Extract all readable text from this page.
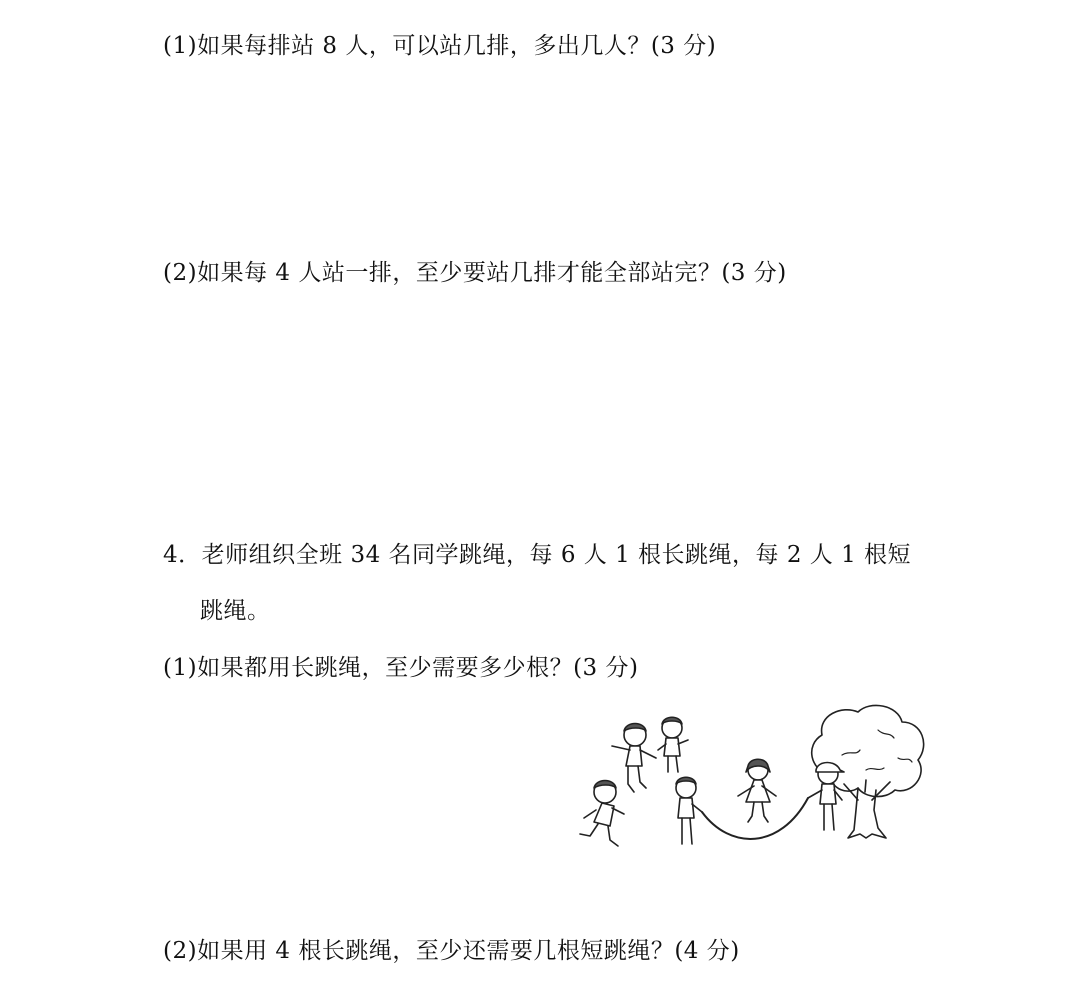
(1)如果每排站 8 人，可以站几排，多出几人？(3 分)
(2)如果每 4 人站一排，至少要站几排才能全部站完？(3 分)
4．老师组织全班 34 名同学跳绳，每 6 人 1 根长跳绳，每 2 人 1 根短
跳绳。
(1)如果都用长跳绳，至少需要多少根？(3 分)
(2)如果用 4 根长跳绳，至少还需要几根短跳绳？(4 分)
